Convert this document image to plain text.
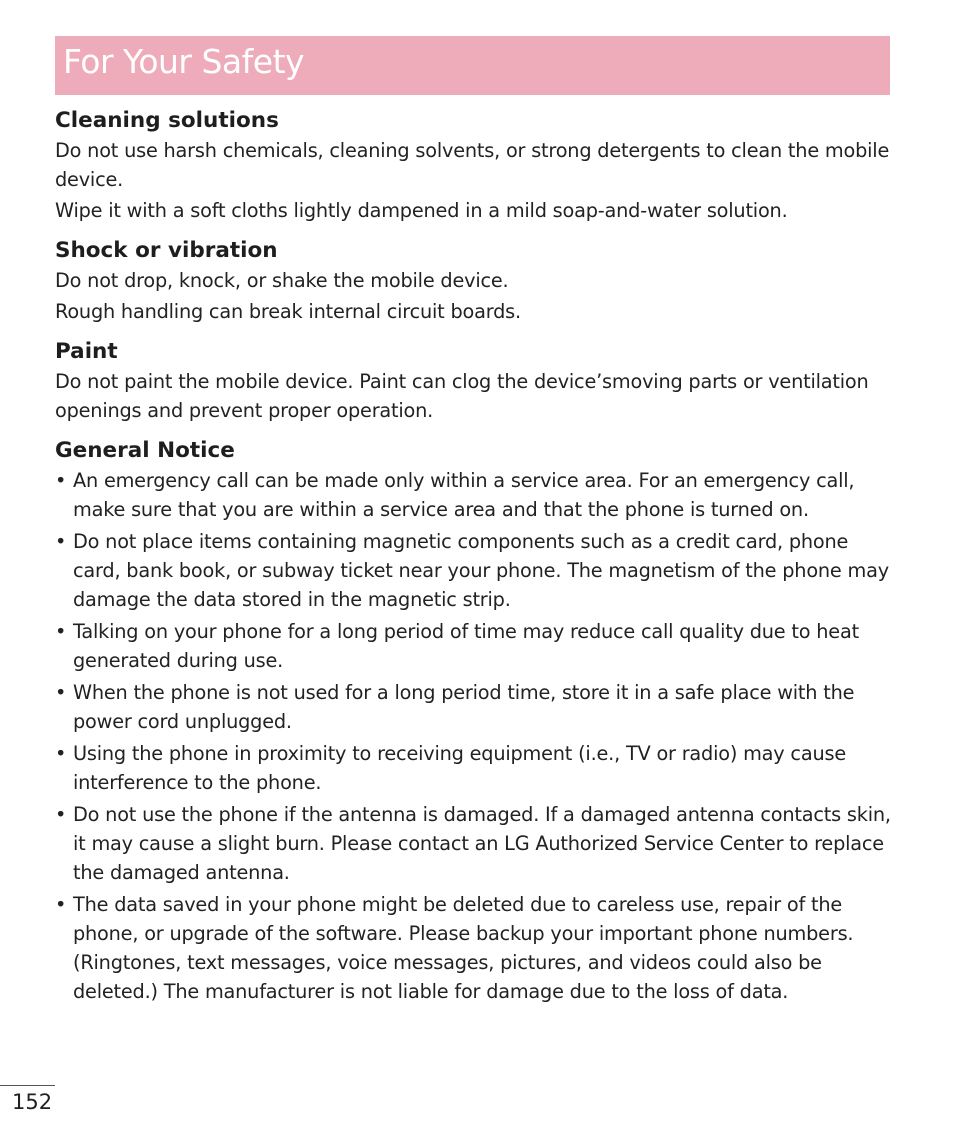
For Your Safety
Cleaning solutions

Do not use harsh chemicals, cleaning solvents, or strong detergents to clean the mobile device.

Wipe it with a soft cloths lightly dampened in a mild soap-and-water solution.

Shock or vibration

Do not drop, knock, or shake the mobile device.

Rough handling can break internal circuit boards.

Paint

Do not paint the mobile device. Paint can clog the device’smoving parts or ventilation openings and prevent proper operation.

General Notice
• An emergency call can be made only within a service area. For an emergency call, make sure that you are within a service area and that the phone is turned on.
• Do not place items containing magnetic components such as a credit card, phone card, bank book, or subway ticket near your phone. The magnetism of the phone may damage the data stored in the magnetic strip.
• Talking on your phone for a long period of time may reduce call quality due to heat generated during use.
• When the phone is not used for a long period time, store it in a safe place with the power cord unplugged.
• Using the phone in proximity to receiving equipment (i.e., TV or radio) may cause interference to the phone.
• Do not use the phone if the antenna is damaged. If a damaged antenna contacts skin, it may cause a slight burn. Please contact an LG Authorized Service Center to replace the damaged antenna.
• The data saved in your phone might be deleted due to careless use, repair of the phone, or upgrade of the software. Please backup your important phone numbers. (Ringtones, text messages, voice messages, pictures, and videos could also be deleted.) The manufacturer is not liable for damage due to the loss of data.
152
